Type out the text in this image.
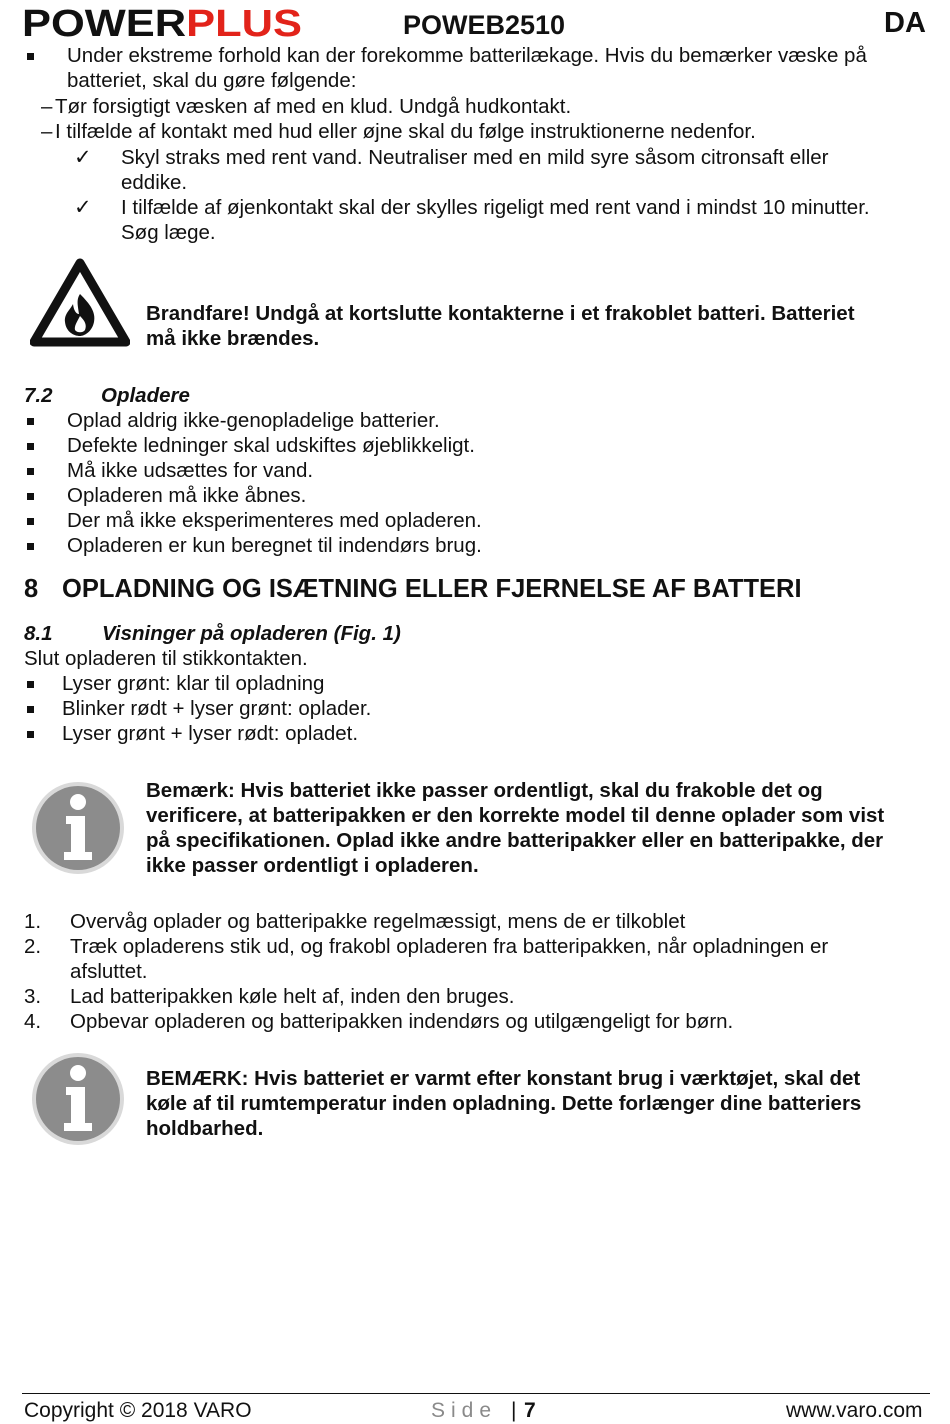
POWER PLUS	POWEB2510	DA
Under ekstreme forhold kan der forekomme batterilækage. Hvis du bemærker væske på
batteriet, skal du gøre følgende:
– Tør forsigtigt væsken af med en klud. Undgå hudkontakt.
– I tilfælde af kontakt med hud eller øjne skal du følge instruktionerne nedenfor.
✓ Skyl straks med rent vand. Neutraliser med en mild syre såsom citronsaft eller
eddike.
✓ I tilfælde af øjenkontakt skal der skylles rigeligt med rent vand i mindst 10 minutter.
Søg læge.
Brandfare! Undgå at kortslutte kontakterne i et frakoblet batteri. Batteriet
må ikke brændes.
7.2 Opladere
Oplad aldrig ikke-genopladelige batterier.
Defekte ledninger skal udskiftes øjeblikkeligt.
Må ikke udsættes for vand.
Opladeren må ikke åbnes.
Der må ikke eksperimenteres med opladeren.
Opladeren er kun beregnet til indendørs brug.
8 OPLADNING OG ISÆTNING ELLER FJERNELSE AF BATTERI
8.1 Visninger på opladeren (Fig. 1)
Slut opladeren til stikkontakten.
Lyser grønt: klar til opladning
Blinker rødt + lyser grønt: oplader.
Lyser grønt + lyser rødt: opladet.
Bemærk: Hvis batteriet ikke passer ordentligt, skal du frakoble det og
verificere, at batteripakken er den korrekte model til denne oplader som vist
på specifikationen. Oplad ikke andre batteripakker eller en batteripakke, der
ikke passer ordentligt i opladeren.
1. Overvåg oplader og batteripakke regelmæssigt, mens de er tilkoblet
2. Træk opladerens stik ud, og frakobl opladeren fra batteripakken, når opladningen er
afsluttet.
3. Lad batteripakken køle helt af, inden den bruges.
4. Opbevar opladeren og batteripakken indendørs og utilgængeligt for børn.
BEMÆRK: Hvis batteriet er varmt efter konstant brug i værktøjet, skal det
køle af til rumtemperatur inden opladning. Dette forlænger dine batteriers
holdbarhed.
Copyright © 2018 VARO	Side | 7	www.varo.com
